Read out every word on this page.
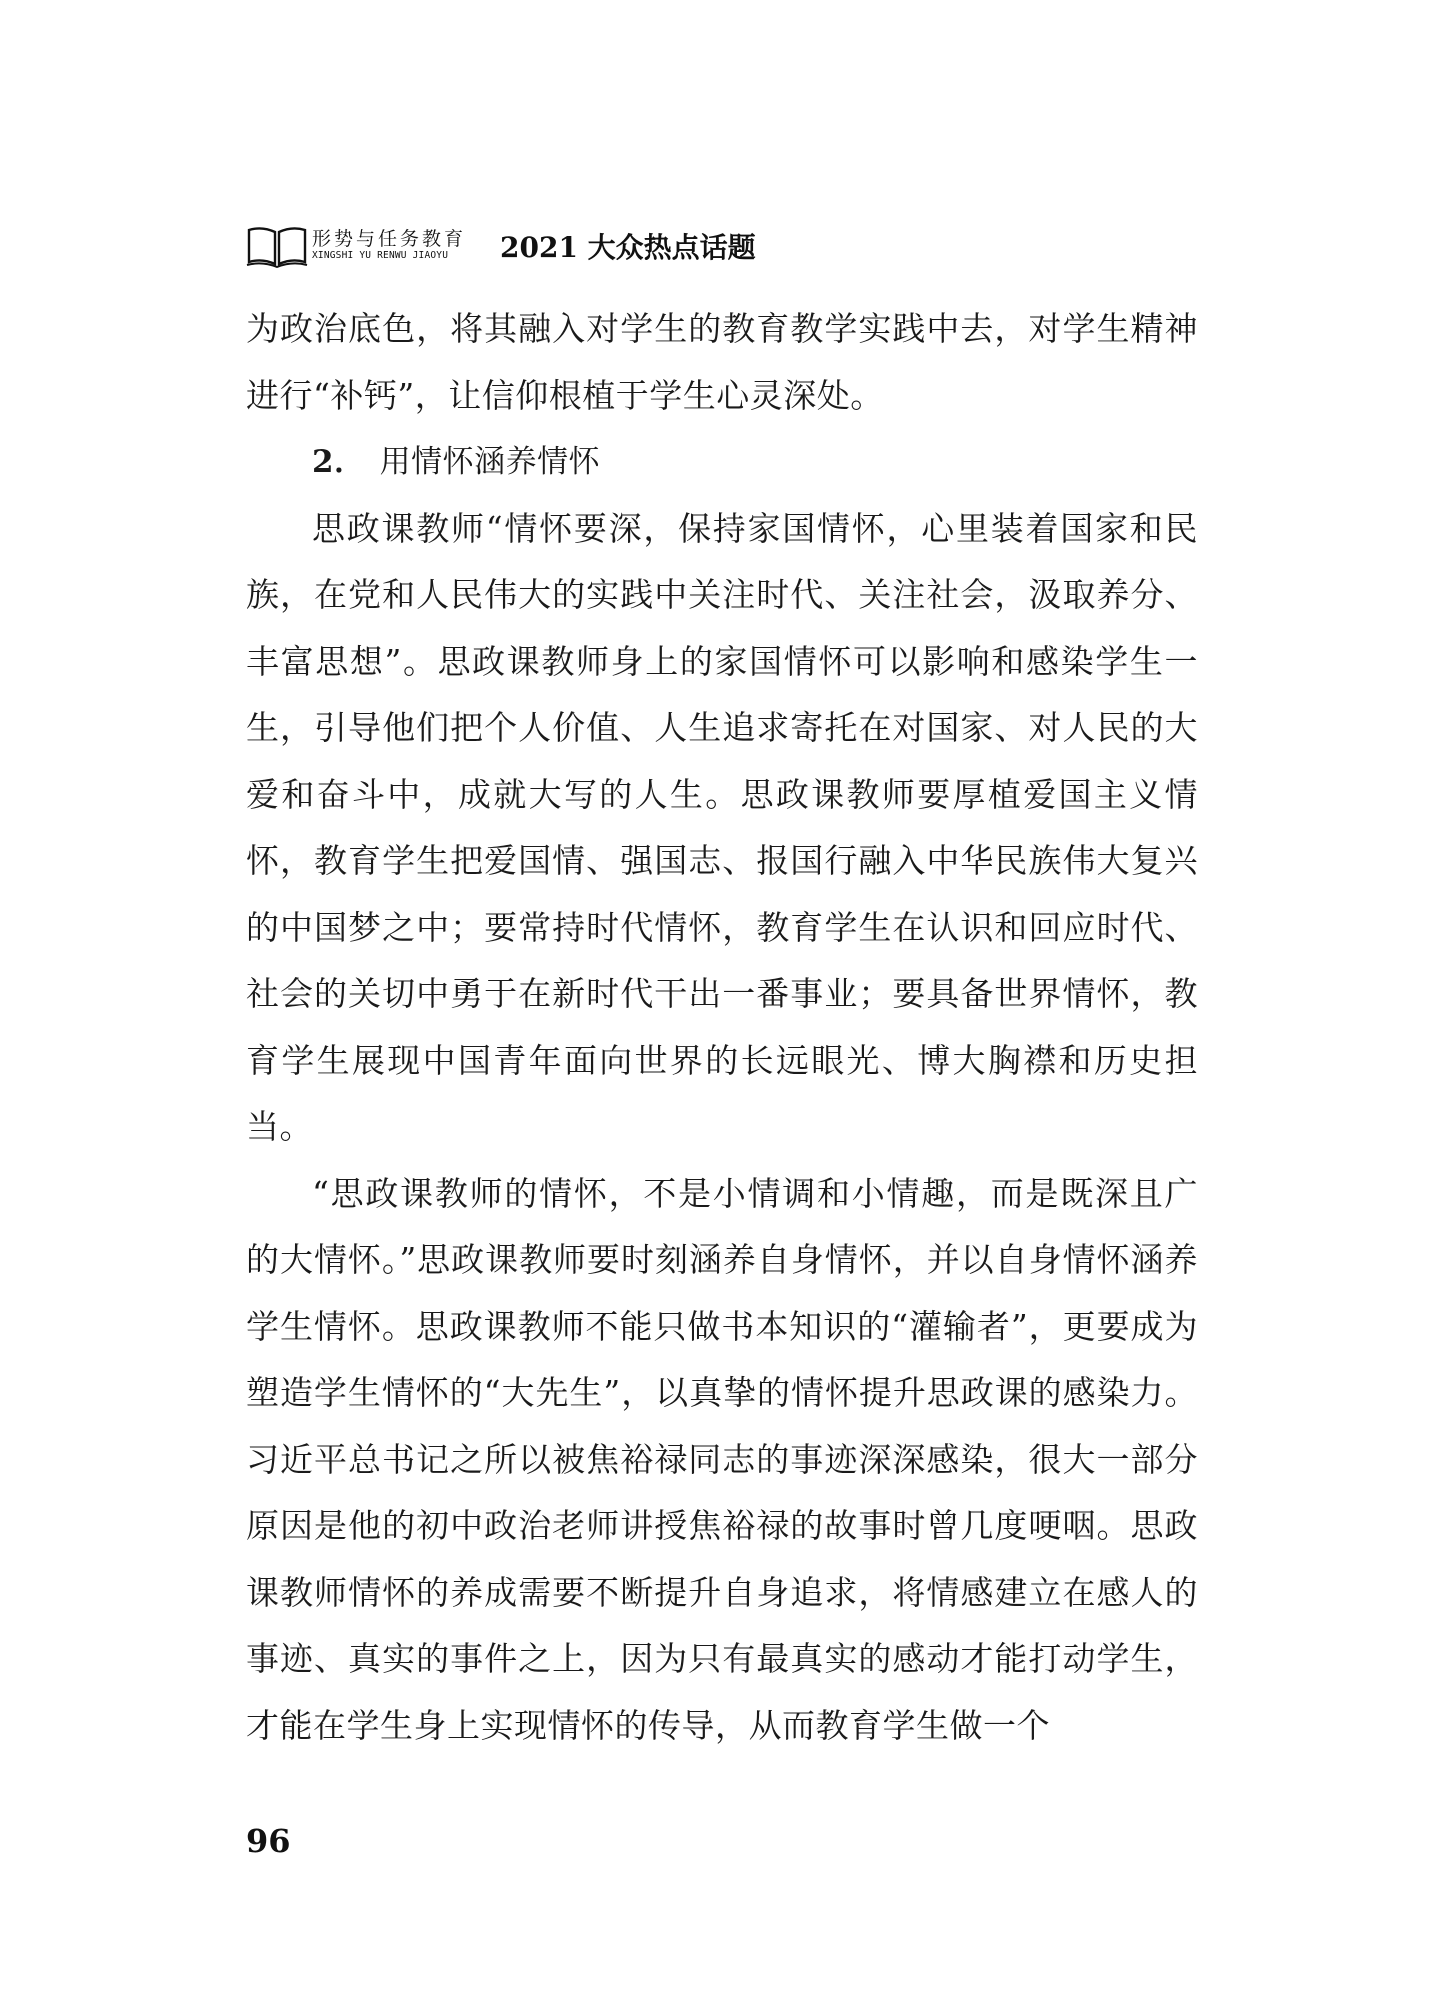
形势与任务教育
XINGSHI YU RENWU JIAOYU 2021 大众热点话题

为政治底色，将其融入对学生的教育教学实践中去，对学生精神进行“补钙”，让信仰根植于学生心灵深处。

2． 用情怀涵养情怀

思政课教师“情怀要深，保持家国情怀，心里装着国家和民族，在党和人民伟大的实践中关注时代、关注社会，汲取养分、丰富思想”。思政课教师身上的家国情怀可以影响和感染学生一生，引导他们把个人价值、人生追求寄托在对国家、对人民的大爱和奋斗中，成就大写的人生。思政课教师要厚植爱国主义情怀，教育学生把爱国情、强国志、报国行融入中华民族伟大复兴的中国梦之中；要常持时代情怀，教育学生在认识和回应时代、社会的关切中勇于在新时代干出一番事业；要具备世界情怀，教育学生展现中国青年面向世界的长远眼光、博大胸襟和历史担当。

“思政课教师的情怀，不是小情调和小情趣，而是既深且广的大情怀。”思政课教师要时刻涵养自身情怀，并以自身情怀涵养学生情怀。思政课教师不能只做书本知识的“灌输者”，更要成为塑造学生情怀的“大先生”，以真挚的情怀提升思政课的感染力。习近平总书记之所以被焦裕禄同志的事迹深深感染，很大一部分原因是他的初中政治老师讲授焦裕禄的故事时曾几度哽咽。思政课教师情怀的养成需要不断提升自身追求，将情感建立在感人的事迹、真实的事件之上，因为只有最真实的感动才能打动学生，才能在学生身上实现情怀的传导，从而教育学生做一个

96
